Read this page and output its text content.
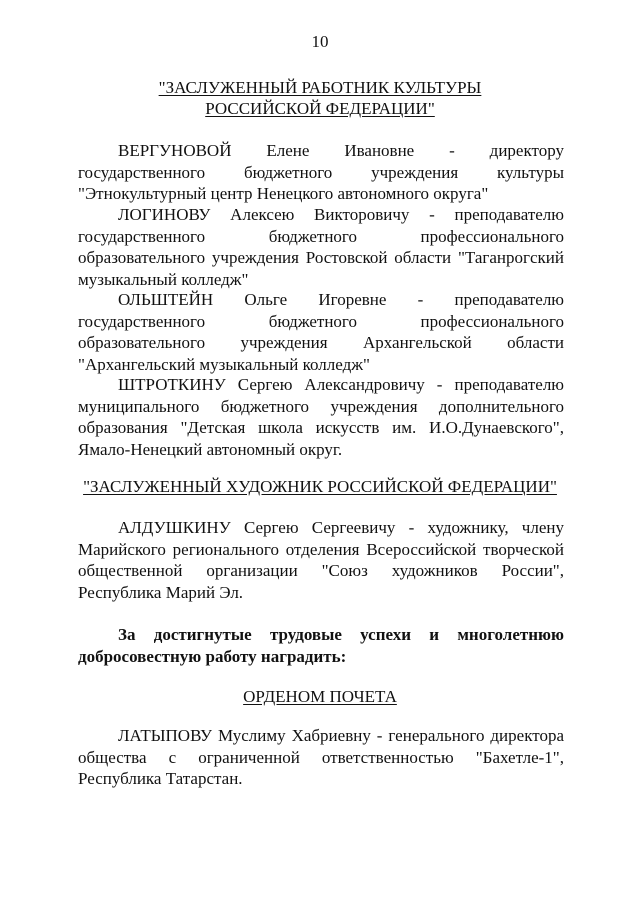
10
"ЗАСЛУЖЕННЫЙ РАБОТНИК КУЛЬТУРЫ
РОССИЙСКОЙ ФЕДЕРАЦИИ"
ВЕРГУНОВОЙ Елене Ивановне - директору государственного бюджетного учреждения культуры "Этнокультурный центр Ненецкого автономного округа"
ЛОГИНОВУ Алексею Викторовичу - преподавателю государственного бюджетного профессионального образовательного учреждения Ростовской области "Таганрогский музыкальный колледж"
ОЛЬШТЕЙН Ольге Игоревне - преподавателю государственного бюджетного профессионального образовательного учреждения Архангельской области "Архангельский музыкальный колледж"
ШТРОТКИНУ Сергею Александровичу - преподавателю муниципального бюджетного учреждения дополнительного образования "Детская школа искусств им. И.О.Дунаевского", Ямало-Ненецкий автономный округ.
"ЗАСЛУЖЕННЫЙ ХУДОЖНИК РОССИЙСКОЙ ФЕДЕРАЦИИ"
АЛДУШКИНУ Сергею Сергеевичу - художнику, члену Марийского регионального отделения Всероссийской творческой общественной организации "Союз художников России", Республика Марий Эл.
За достигнутые трудовые успехи и многолетнюю добросовестную работу наградить:
ОРДЕНОМ ПОЧЕТА
ЛАТЫПОВУ Муслиму Хабриевну - генерального директора общества с ограниченной ответственностью "Бахетле-1", Республика Татарстан.
